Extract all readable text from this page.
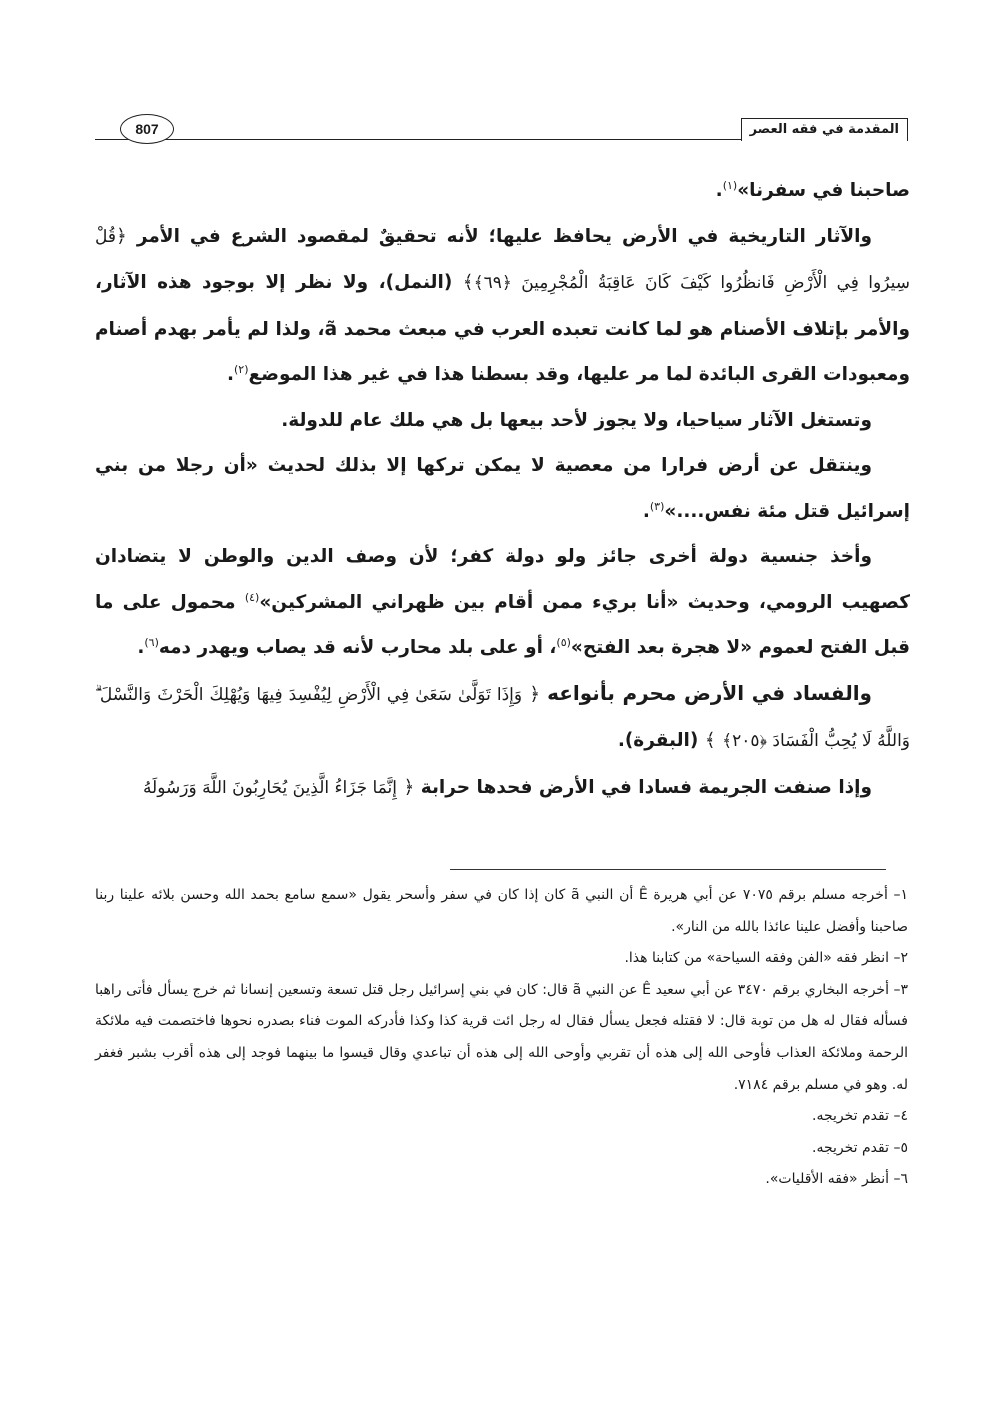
المقدمة في فقه العصر
807

صاحبنا في سفرنا»$^{(١)}$.

والآثار التاريخية في الأرض يحافظ عليها؛ لأنه تحقيقٌ لمقصود الشرع في الأمر ﴿قُلْ سِيرُوا فِي الْأَرْضِ فَانظُرُوا كَيْفَ كَانَ عَاقِبَةُ الْمُجْرِمِينَ ﴿٦٩﴾﴾ (النمل)، ولا نظر إلا بوجود هذه الآثار، والأمر بإتلاف الأصنام هو لما كانت تعبده العرب في مبعث محمد ã، ولذا لم يأمر بهدم أصنام ومعبودات القرى البائدة لما مر عليها، وقد بسطنا هذا في غير هذا الموضع$^{(٢)}$.

وتستغل الآثار سياحيا، ولا يجوز لأحد بيعها بل هي ملك عام للدولة.

وينتقل عن أرض فرارا من معصية لا يمكن تركها إلا بذلك لحديث «أن رجلا من بني إسرائيل قتل مئة نفس....»$^{(٣)}$.

وأخذ جنسية دولة أخرى جائز ولو دولة كفر؛ لأن وصف الدين والوطن لا يتضادان كصهيب الرومي، وحديث «أنا بريء ممن أقام بين ظهراني المشركين»$^{(٤)}$ محمول على ما قبل الفتح لعموم «لا هجرة بعد الفتح»$^{(٥)}$، أو على بلد محارب لأنه قد يصاب ويهدر دمه$^{(٦)}$.

والفساد في الأرض محرم بأنواعه ﴿ وَإِذَا تَوَلَّىٰ سَعَىٰ فِي الْأَرْضِ لِيُفْسِدَ فِيهَا وَيُهْلِكَ الْحَرْثَ وَالنَّسْلَ ۗ وَاللَّهُ لَا يُحِبُّ الْفَسَادَ ﴿٢٠٥﴾ ﴾ (البقرة).

وإذا صنفت الجريمة فسادا في الأرض فحدها حرابة ﴿ إِنَّمَا جَزَاءُ الَّذِينَ يُحَارِبُونَ اللَّهَ وَرَسُولَهُ

١– أخرجه مسلم برقم ٧٠٧٥ عن أبي هريرة Ê أن النبي ã كان إذا كان في سفر وأسحر يقول «سمع سامع بحمد الله وحسن بلائه علينا ربنا صاحبنا وأفضل علينا عائذا بالله من النار».

٢– انظر فقه «الفن وفقه السياحة» من كتابنا هذا.

٣– أخرجه البخاري برقم ٣٤٧٠ عن أبي سعيد Ê عن النبي ã قال: كان في بني إسرائيل رجل قتل تسعة وتسعين إنسانا ثم خرج يسأل فأتى راهبا فسأله فقال له هل من توبة قال: لا فقتله فجعل يسأل فقال له رجل ائت قرية كذا وكذا فأدركه الموت فناء بصدره نحوها فاختصمت فيه ملائكة الرحمة وملائكة العذاب فأوحى الله إلى هذه أن تقربي وأوحى الله إلى هذه أن تباعدي وقال قيسوا ما بينهما فوجد إلى هذه أقرب بشبر فغفر له. وهو في مسلم برقم ٧١٨٤.

٤– تقدم تخريجه.

٥– تقدم تخريجه.

٦– أنظر «فقه الأقليات».
